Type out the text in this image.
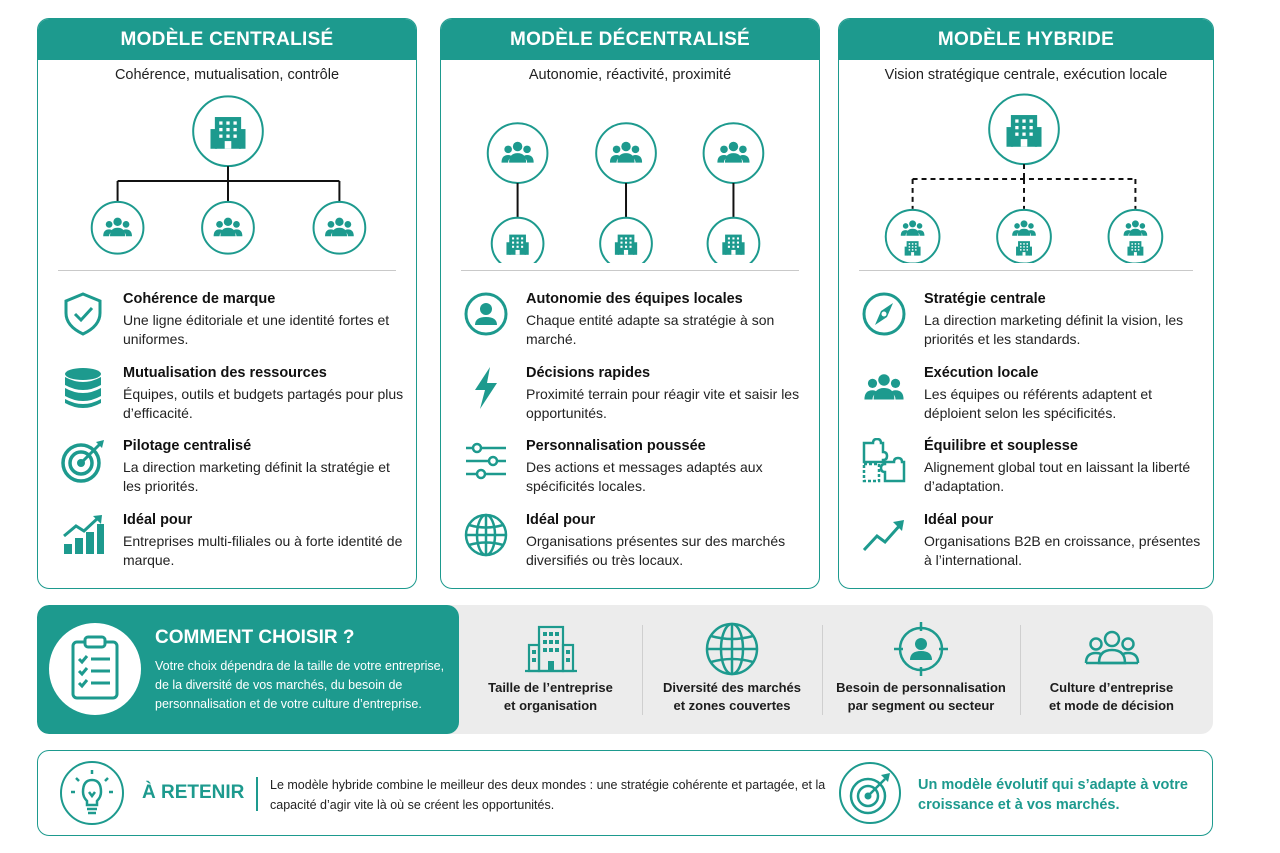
MODÈLE CENTRALISÉ
Cohérence, mutualisation, contrôle
Cohérence de marque
Une ligne éditoriale et une identité fortes et uniformes.
Mutualisation des ressources
Équipes, outils et budgets partagés pour plus d’efficacité.
Pilotage centralisé
La direction marketing définit la stratégie et les priorités.
Idéal pour
Entreprises multi-filiales ou à forte identité de marque.
MODÈLE DÉCENTRALISÉ
Autonomie, réactivité, proximité
Autonomie des équipes locales
Chaque entité adapte sa stratégie à son marché.
Décisions rapides
Proximité terrain pour réagir vite et saisir les opportunités.
Personnalisation poussée
Des actions et messages adaptés aux spécificités locales.
Idéal pour
Organisations présentes sur des marchés diversifiés ou très locaux.
MODÈLE HYBRIDE
Vision stratégique centrale, exécution locale
Stratégie centrale
La direction marketing définit la vision, les priorités et les standards.
Exécution locale
Les équipes ou référents adaptent et déploient selon les spécificités.
Équilibre et souplesse
Alignement global tout en laissant la liberté d’adaptation.
Idéal pour
Organisations B2B en croissance, présentes à l’international.
COMMENT CHOISIR ?
Votre choix dépendra de la taille de votre entreprise, de la diversité de vos marchés, du besoin de personnalisation et de votre culture d’entreprise.
Taille de l’entreprise
et organisation
Diversité des marchés
et zones couvertes
Besoin de personnalisation
par segment ou secteur
Culture d’entreprise
et mode de décision
À RETENIR Le modèle hybride combine le meilleur des deux mondes : une stratégie cohérente et partagée, et la capacité d’agir vite là où se créent les opportunités.
Un modèle évolutif qui s’adapte à votre croissance et à vos marchés.
